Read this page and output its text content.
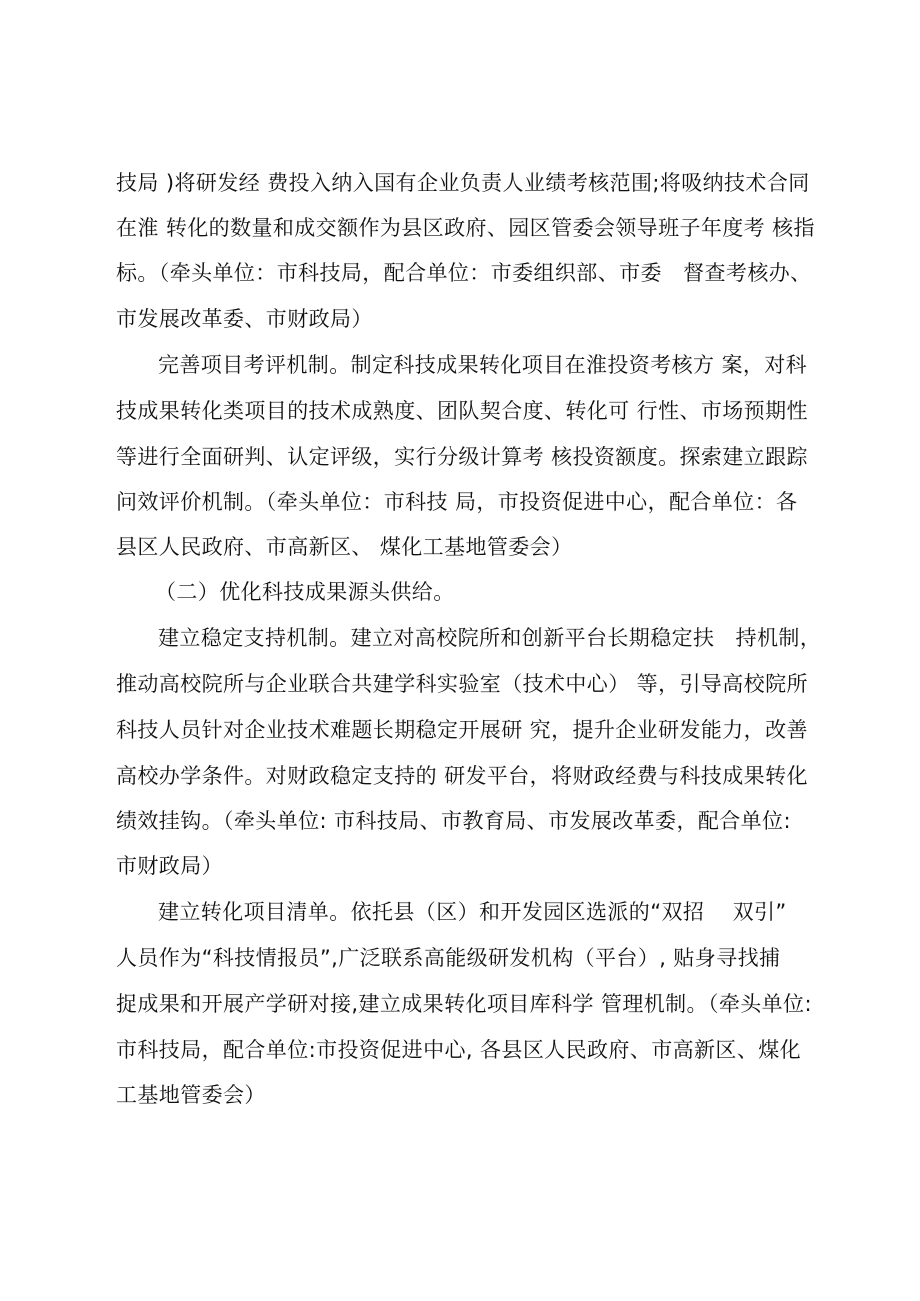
技局 )将研发经 费投入纳入国有企业负责人业绩考核范围;将吸纳技术合同
在淮 转化的数量和成交额作为县区政府、园区管委会领导班子年度考 核指
标。（牵头单位：市科技局，配合单位：市委组织部、市委   督查考核办、
市发展改革委、市财政局）
完善项目考评机制。制定科技成果转化项目在淮投资考核方 案，对科
技成果转化类项目的技术成熟度、团队契合度、转化可 行性、市场预期性
等进行全面研判、认定评级，实行分级计算考 核投资额度。探索建立跟踪
问效评价机制。（牵头单位：市科技 局，市投资促进中心，配合单位：各
县区人民政府、市高新区、 煤化工基地管委会）
（二）优化科技成果源头供给。
建立稳定支持机制。建立对高校院所和创新平台长期稳定扶   持机制，
推动高校院所与企业联合共建学科实验室（技术中心） 等，引导高校院所
科技人员针对企业技术难题长期稳定开展研 究，提升企业研发能力，改善
高校办学条件。对财政稳定支持的 研发平台，将财政经费与科技成果转化
绩效挂钩。（牵头单位: 市科技局、市教育局、市发展改革委，配合单位:
市财政局）
建立转化项目清单。依托县（区）和开发园区选派的“双招    双引”
人员作为“科技情报员”,广泛联系高能级研发机构（平台）, 贴身寻找捕
捉成果和开展产学研对接,建立成果转化项目库科学 管理机制。（牵头单位:
市科技局，配合单位:市投资促进中心, 各县区人民政府、市高新区、煤化
工基地管委会）
